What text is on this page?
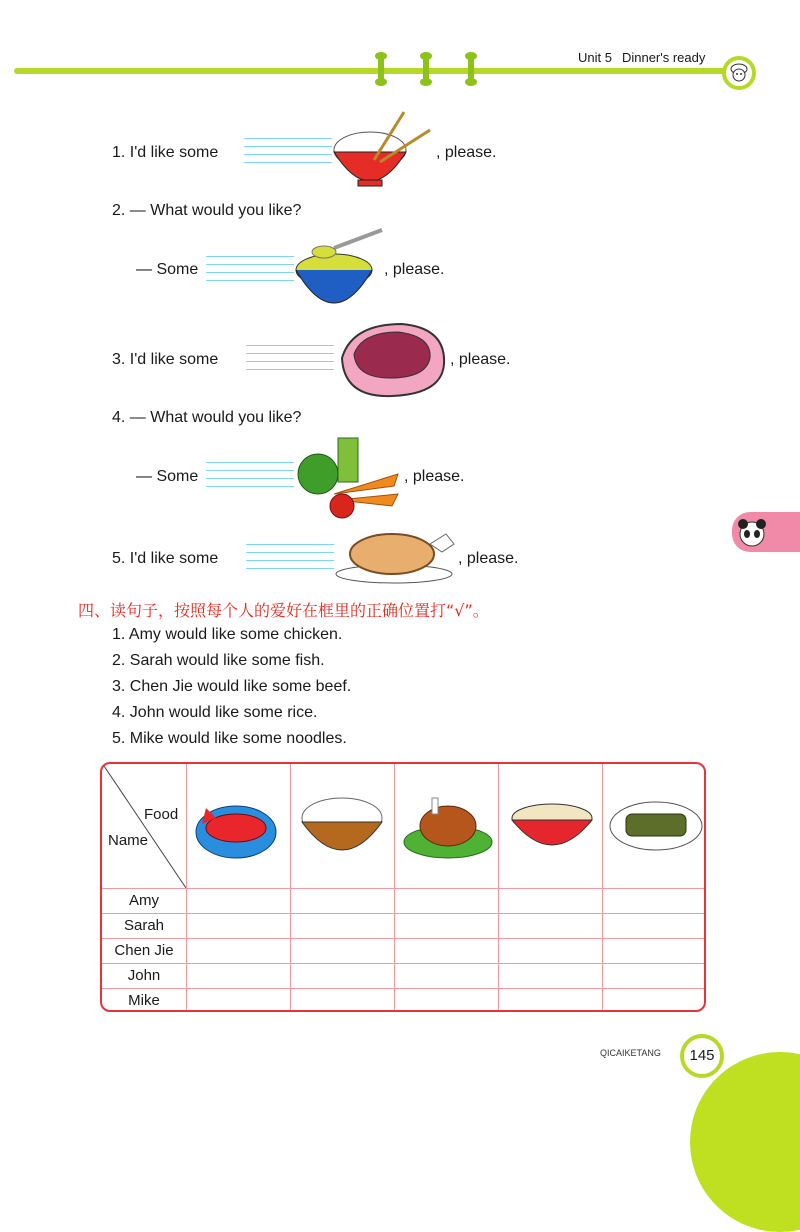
Unit 5 Dinner's ready
1. I'd like some	, please.
2. — What would you like?
— Some	, please.
3. I'd like some	, please.
4. — What would you like?
— Some	, please.
5. I'd like some	, please.
四、读句子，按照每个人的爱好在框里的正确位置打“√”。
1. Amy would like some chicken.
2. Sarah would like some fish.
3. Chen Jie would like some beef.
4. John would like some rice.
5. Mike would like some noodles.
Food
Name
Amy
Sarah
Chen Jie
John
Mike
QICAIKETANG	145
